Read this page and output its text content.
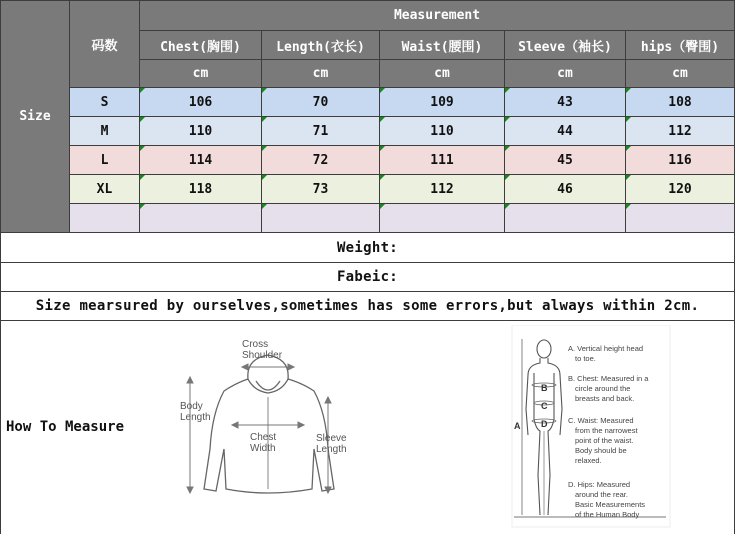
Size
码数
Measurement
Chest(胸围)	Length(衣长)	Waist(腰围)	Sleeve（袖长)	hips（臀围)
cm	cm	cm	cm	cm
S	106	70	109	43	108
M	110	71	110	44	112
L	114	72	111	45	116
XL	118	73	112	46	120
Weight:
Fabeic:
Size mearsured by ourselves,sometimes has some errors,but always within 2cm.
How To Measure
Cross
Shoulder
Body
Length
Chest
Width
Sleeve
Length
A
B
C
D
A. Vertical height head to toe.
B. Chest: Measured in a circle around the breasts and back.
C. Waist: Measured from the narrowest point of the waist. Body should be relaxed.
D. Hips: Measured around the rear. Basic Measurements of the Human Body
